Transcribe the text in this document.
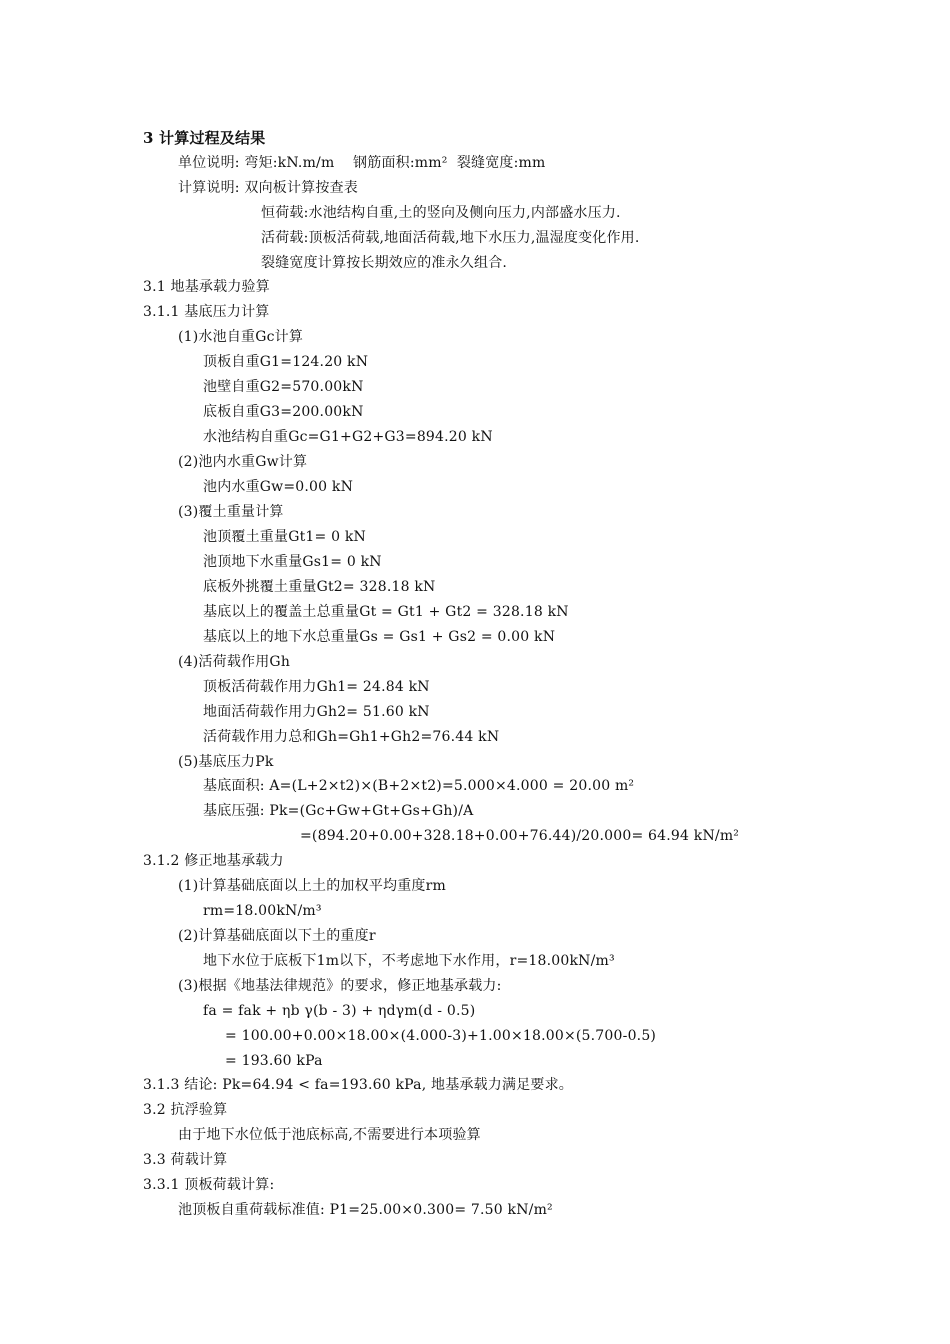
3 计算过程及结果
单位说明: 弯矩:kN.m/m    钢筋面积:mm²  裂缝宽度:mm
计算说明: 双向板计算按查表
恒荷载:水池结构自重,土的竖向及侧向压力,内部盛水压力.
活荷载:顶板活荷载,地面活荷载,地下水压力,温湿度变化作用.
裂缝宽度计算按长期效应的准永久组合.
3.1 地基承载力验算
3.1.1 基底压力计算
(1)水池自重Gc计算
顶板自重G1=124.20 kN
池壁自重G2=570.00kN
底板自重G3=200.00kN
水池结构自重Gc=G1+G2+G3=894.20 kN
(2)池内水重Gw计算
池内水重Gw=0.00 kN
(3)覆土重量计算
池顶覆土重量Gt1= 0 kN
池顶地下水重量Gs1= 0 kN
底板外挑覆土重量Gt2= 328.18 kN
基底以上的覆盖土总重量Gt = Gt1 + Gt2 = 328.18 kN
基底以上的地下水总重量Gs = Gs1 + Gs2 = 0.00 kN
(4)活荷载作用Gh
顶板活荷载作用力Gh1= 24.84 kN
地面活荷载作用力Gh2= 51.60 kN
活荷载作用力总和Gh=Gh1+Gh2=76.44 kN
(5)基底压力Pk
基底面积: A=(L+2×t2)×(B+2×t2)=5.000×4.000 = 20.00 m²
基底压强: Pk=(Gc+Gw+Gt+Gs+Gh)/A
=(894.20+0.00+328.18+0.00+76.44)/20.000= 64.94 kN/m²
3.1.2 修正地基承载力
(1)计算基础底面以上土的加权平均重度rm
rm=18.00kN/m³
(2)计算基础底面以下土的重度r
地下水位于底板下1m以下，不考虑地下水作用，r=18.00kN/m³
(3)根据《地基法律规范》的要求，修正地基承载力:
fa = fak + ηb γ(b - 3) + ηdγm(d - 0.5)
= 100.00+0.00×18.00×(4.000-3)+1.00×18.00×(5.700-0.5)
= 193.60 kPa
3.1.3 结论: Pk=64.94 < fa=193.60 kPa, 地基承载力满足要求。
3.2 抗浮验算
由于地下水位低于池底标高,不需要进行本项验算
3.3 荷载计算
3.3.1 顶板荷载计算:
池顶板自重荷载标准值: P1=25.00×0.300= 7.50 kN/m²
